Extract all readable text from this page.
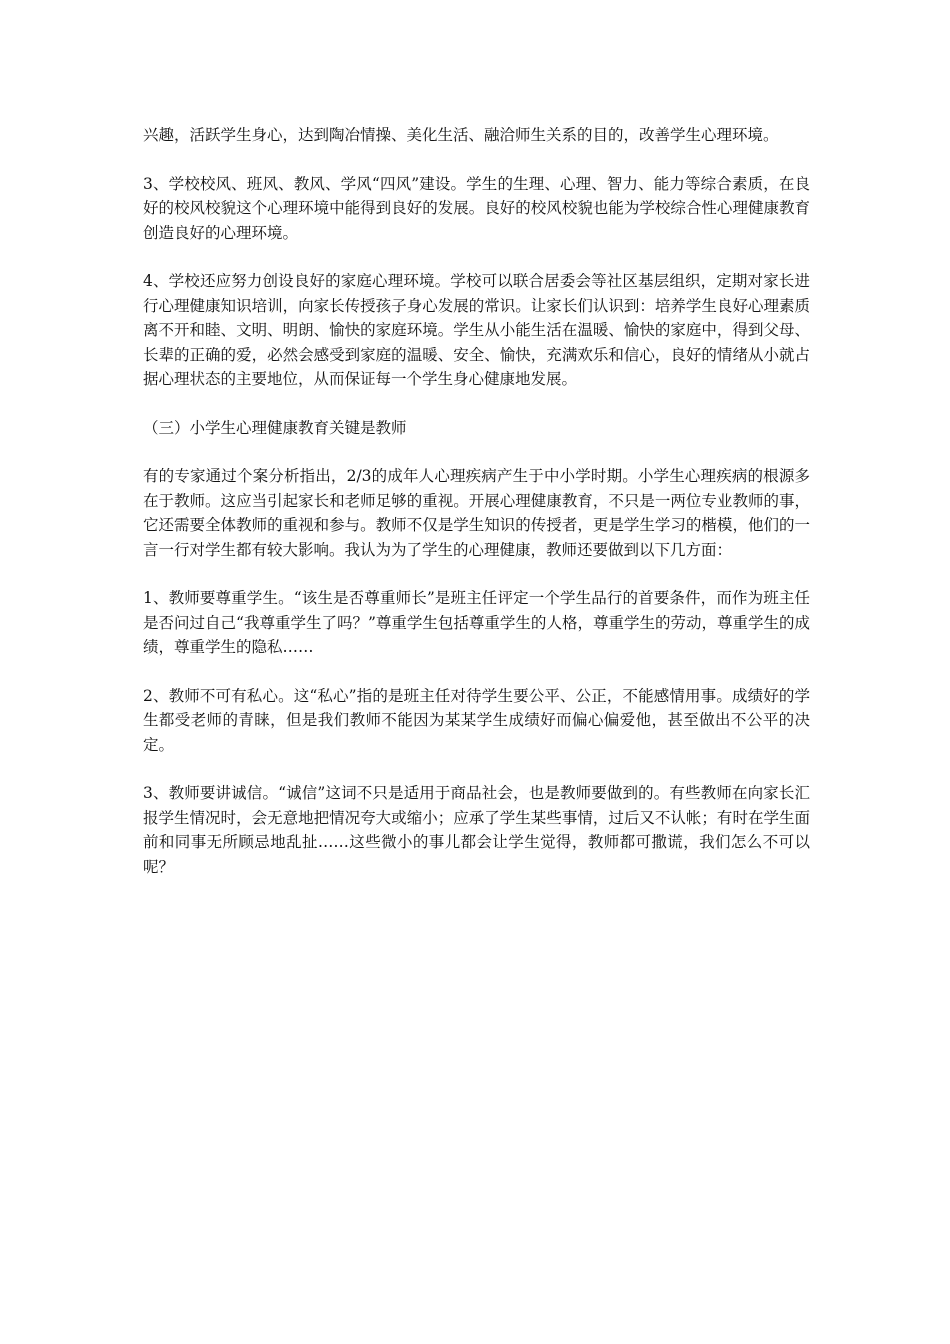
兴趣，活跃学生身心，达到陶冶情操、美化生活、融洽师生关系的目的，改善学生心理环境。

3、学校校风、班风、教风、学风“四风”建设。学生的生理、心理、智力、能力等综合素质，在良好的校风校貌这个心理环境中能得到良好的发展。良好的校风校貌也能为学校综合性心理健康教育创造良好的心理环境。

4、学校还应努力创设良好的家庭心理环境。学校可以联合居委会等社区基层组织，定期对家长进行心理健康知识培训，向家长传授孩子身心发展的常识。让家长们认识到：培养学生良好心理素质离不开和睦、文明、明朗、愉快的家庭环境。学生从小能生活在温暖、愉快的家庭中，得到父母、长辈的正确的爱，必然会感受到家庭的温暖、安全、愉快，充满欢乐和信心，良好的情绪从小就占据心理状态的主要地位，从而保证每一个学生身心健康地发展。

（三）小学生心理健康教育关键是教师

有的专家通过个案分析指出，2/3的成年人心理疾病产生于中小学时期。小学生心理疾病的根源多在于教师。这应当引起家长和老师足够的重视。开展心理健康教育，不只是一两位专业教师的事，它还需要全体教师的重视和参与。教师不仅是学生知识的传授者，更是学生学习的楷模，他们的一言一行对学生都有较大影响。我认为为了学生的心理健康，教师还要做到以下几方面：

1、教师要尊重学生。“该生是否尊重师长”是班主任评定一个学生品行的首要条件，而作为班主任是否问过自己“我尊重学生了吗？”尊重学生包括尊重学生的人格，尊重学生的劳动，尊重学生的成绩，尊重学生的隐私……

2、教师不可有私心。这“私心”指的是班主任对待学生要公平、公正，不能感情用事。成绩好的学生都受老师的青睐，但是我们教师不能因为某某学生成绩好而偏心偏爱他，甚至做出不公平的决定。

3、教师要讲诚信。“诚信”这词不只是适用于商品社会，也是教师要做到的。有些教师在向家长汇报学生情况时，会无意地把情况夸大或缩小；应承了学生某些事情，过后又不认帐；有时在学生面前和同事无所顾忌地乱扯……这些微小的事儿都会让学生觉得，教师都可撒谎，我们怎么不可以呢？
